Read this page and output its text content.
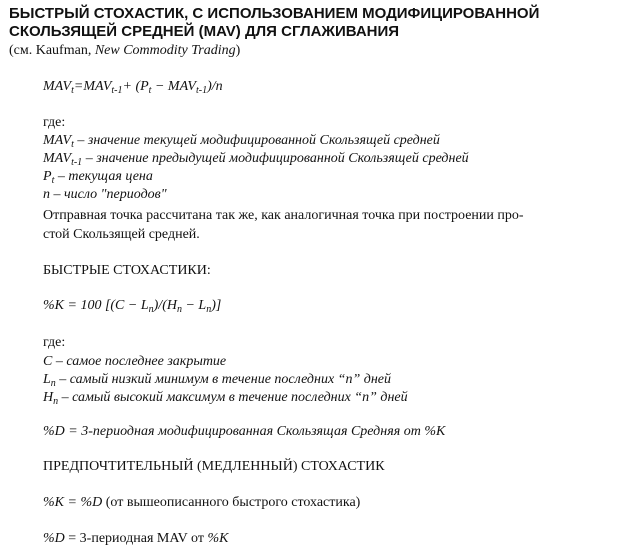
БЫСТРЫЙ СТОХАСТИК, С ИСПОЛЬЗОВАНИЕМ МОДИФИЦИРОВАННОЙ
СКОЛЬЗЯЩЕЙ СРЕДНЕЙ (MAV) ДЛЯ СГЛАЖИВАНИЯ
(см. Kaufman, New Commodity Trading)
$MAV_t=MAV_{t-1}+ (P_t - MAV_{t-1})/n$
где:
$MAV_t$ – значение текущей модифицированной Скользящей средней
$MAV_{t-1}$ – значение предыдущей модифицированной Скользящей средней
$P_t$ – текущая цена
n – число "периодов"
Отправная точка рассчитана так же, как аналогичная точка при построении про-
стой Скользящей средней.
БЫСТРЫЕ СТОХАСТИКИ:
%K = 100 $[(C - L_n)/(H_n - L_n)]$
где:
C – самое последнее закрытие
$L_n$ – самый низкий минимум в течение последних “n” дней
$H_n$ – самый высокий максимум в течение последних “n” дней
%D = 3-периодная модифицированная Скользящая Средняя от %K
ПРЕДПОЧТИТЕЛЬНЫЙ (МЕДЛЕННЫЙ) СТОХАСТИК
%K = %D (от вышеописанного быстрого стохастика)
%D = 3-периодная MAV от %K
